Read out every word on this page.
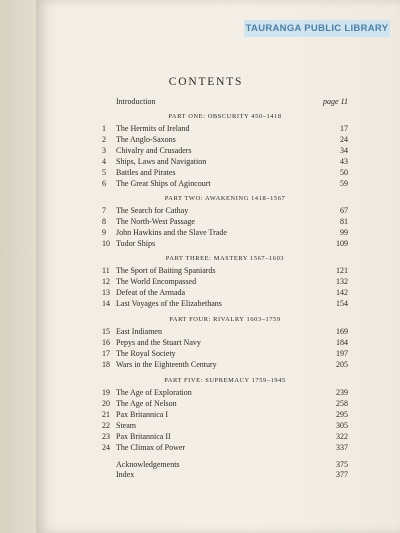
TAURANGA PUBLIC LIBRARY
CONTENTS
Introduction	page 11
PART ONE: OBSCURITY 450–1418
1	The Hermits of Ireland	17
2	The Anglo-Saxons	24
3	Chivalry and Crusaders	34
4	Ships, Laws and Navigation	43
5	Battles and Pirates	50
6	The Great Ships of Agincourt	59
PART TWO: AWAKENING 1418–1567
7	The Search for Cathay	67
8	The North-West Passage	81
9	John Hawkins and the Slave Trade	99
10 Tudor Ships	109
PART THREE: MASTERY 1567–1603
11 The Sport of Baiting Spaniards	121
12 The World Encompassed	132
13 Defeat of the Armada	142
14 Last Voyages of the Elizabethans	154
PART FOUR: RIVALRY 1603–1759
15 East Indiamen	169
16 Pepys and the Stuart Navy	184
17 The Royal Society	197
18 Wars in the Eighteenth Century	205
PART FIVE: SUPREMACY 1759–1945
19 The Age of Exploration	239
20 The Age of Nelson	258
21 Pax Britannica I	295
22 Steam	305
23 Pax Britannica II	322
24 The Climax of Power	337
Acknowledgements	375
Index	377
